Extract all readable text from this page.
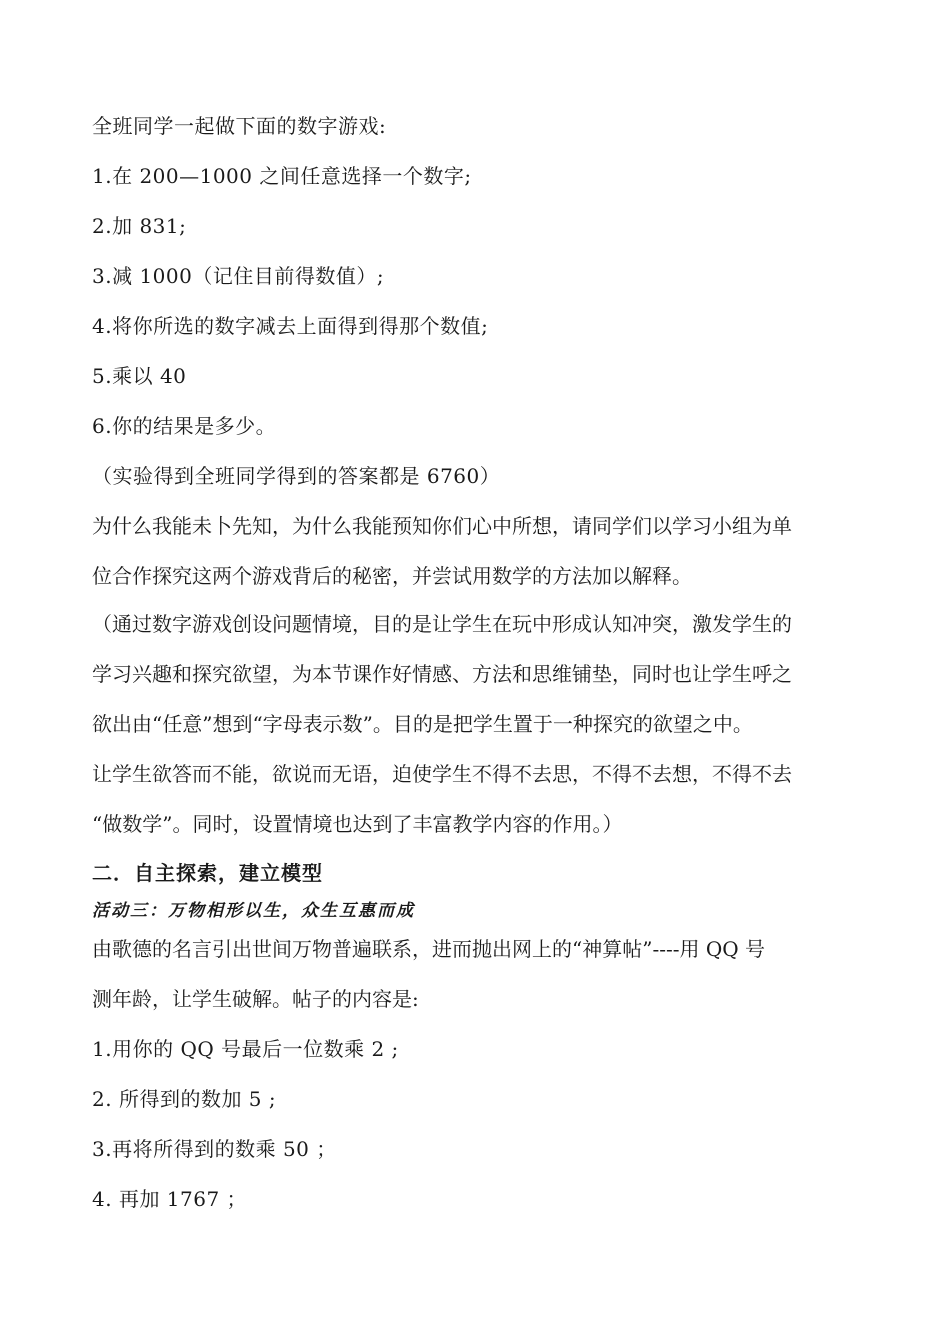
全班同学一起做下面的数字游戏:
1.在 200—1000 之间任意选择一个数字;
2.加 831;
3.减 1000（记住目前得数值）;
4.将你所选的数字减去上面得到得那个数值;
5.乘以 40
6.你的结果是多少。
（实验得到全班同学得到的答案都是 6760）
为什么我能未卜先知，为什么我能预知你们心中所想，请同学们以学习小组为单
位合作探究这两个游戏背后的秘密，并尝试用数学的方法加以解释。
（通过数字游戏创设问题情境，目的是让学生在玩中形成认知冲突，激发学生的
学习兴趣和探究欲望，为本节课作好情感、方法和思维铺垫，同时也让学生呼之
欲出由“任意”想到“字母表示数”。目的是把学生置于一种探究的欲望之中。
让学生欲答而不能，欲说而无语，迫使学生不得不去思，不得不去想，不得不去
“做数学”。同时，设置情境也达到了丰富教学内容的作用。）
二．自主探索，建立模型
活动三：万物相形以生，众生互惠而成
由歌德的名言引出世间万物普遍联系，进而抛出网上的“神算帖”----用 QQ 号
测年龄，让学生破解。帖子的内容是:
1.用你的 QQ 号最后一位数乘 2 ;
2. 所得到的数加 5 ;
3.再将所得到的数乘 50 ；
4. 再加 1767 ；
